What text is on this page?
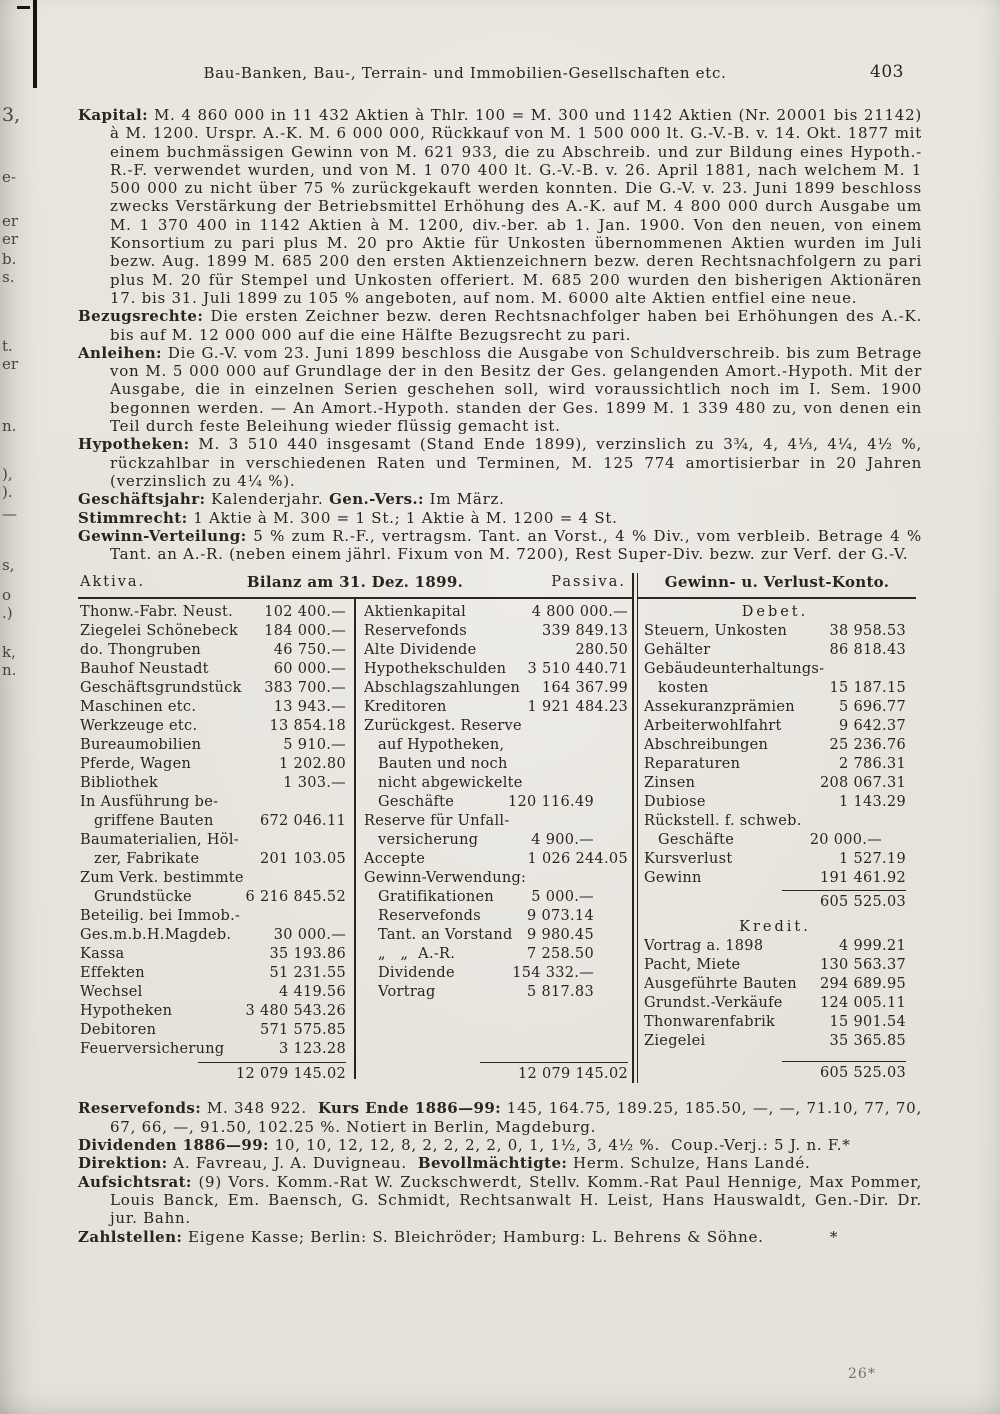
3,
e-
er
er
b.
s.
t.
er
n.
),
).
—
s,
o
.)
k,
n.
Bau-Banken, Bau-, Terrain- und Immobilien-Gesellschaften etc.	403

Kapital: M. 4 860 000 in 11 432 Aktien à Thlr. 100 = M. 300 und 1142 Aktien (Nr. 20001 bis 21142) à M. 1200. Urspr. A.-K. M. 6 000 000, Rückkauf von M. 1 500 000 lt. G.-V.-B. v. 14. Okt. 1877 mit einem buchmässigen Gewinn von M. 621 933, die zu Abschreib. und zur Bildung eines Hypoth.-R.-F. verwendet wurden, und von M. 1 070 400 lt. G.-V.-B. v. 26. April 1881, nach welchem M. 1 500 000 zu nicht über 75 % zurückgekauft werden konnten. Die G.-V. v. 23. Juni 1899 beschloss zwecks Verstärkung der Betriebsmittel Erhöhung des A.-K. auf M. 4 800 000 durch Ausgabe um M. 1 370 400 in 1142 Aktien à M. 1200, div.-ber. ab 1. Jan. 1900. Von den neuen, von einem Konsortium zu pari plus M. 20 pro Aktie für Unkosten übernommenen Aktien wurden im Juli bezw. Aug. 1899 M. 685 200 den ersten Aktienzeichnern bezw. deren Rechtsnachfolgern zu pari plus M. 20 für Stempel und Unkosten offeriert. M. 685 200 wurden den bisherigen Aktionären 17. bis 31. Juli 1899 zu 105 % angeboten, auf nom. M. 6000 alte Aktien entfiel eine neue.

Bezugsrechte: Die ersten Zeichner bezw. deren Rechtsnachfolger haben bei Erhöhungen des A.-K. bis auf M. 12 000 000 auf die eine Hälfte Bezugsrecht zu pari.

Anleihen: Die G.-V. vom 23. Juni 1899 beschloss die Ausgabe von Schuldverschreib. bis zum Betrage von M. 5 000 000 auf Grundlage der in den Besitz der Ges. gelangenden Amort.-Hypoth. Mit der Ausgabe, die in einzelnen Serien geschehen soll, wird voraussichtlich noch im I. Sem. 1900 begonnen werden. — An Amort.-Hypoth. standen der Ges. 1899 M. 1 339 480 zu, von denen ein Teil durch feste Beleihung wieder flüssig gemacht ist.

Hypotheken: M. 3 510 440 insgesamt (Stand Ende 1899), verzinslich zu 3¾, 4, 4⅓, 4¼, 4½ %, rückzahlbar in verschiedenen Raten und Terminen, M. 125 774 amortisierbar in 20 Jahren (verzinslich zu 4¼ %).

Geschäftsjahr: Kalenderjahr. Gen.-Vers.: Im März.

Stimmrecht: 1 Aktie à M. 300 = 1 St.; 1 Aktie à M. 1200 = 4 St.

Gewinn-Verteilung: 5 % zum R.-F., vertragsm. Tant. an Vorst., 4 % Div., vom verbleib. Betrage 4 % Tant. an A.-R. (neben einem jährl. Fixum von M. 7200), Rest Super-Div. bezw. zur Verf. der G.-V.

Aktiva.	Bilanz am 31. Dez. 1899.	Passiva.	Gewinn- u. Verlust-Konto.
Thonw.-Fabr. Neust. 102 400.—
Ziegelei Schönebeck 184 000.—
do. Thongruben	46 750.—
Bauhof Neustadt	60 000.—
Geschäftsgrundstück 383 700.—
Maschinen etc.	13 943.—
Werkzeuge etc.	13 854.18
Bureaumobilien	5 910.—
Pferde, Wagen	1 202.80
Bibliothek	1 303.—
In Ausführung be-
griffene Bauten	672 046.11
Baumaterialien, Höl-
zer, Fabrikate	201 103.05
Zum Verk. bestimmte
Grundstücke	6 216 845.52
Beteilig. bei Immob.-
Ges.m.b.H.Magdeb.	30 000.—
Kassa	35 193.86
Effekten	51 231.55
Wechsel	4 419.56
Hypotheken	3 480 543.26
Debitoren	571 575.85
Feuerversicherung	3 123.28
12 079 145.02
Aktienkapital	4 800 000.—
Reservefonds	339 849.13
Alte Dividende	280.50
Hypothekschulden 3 510 440.71
Abschlagszahlungen 164 367.99
Kreditoren	1 921 484.23
Zurückgest. Reserve
auf Hypotheken,
Bauten und noch
nicht abgewickelte
Geschäfte	120 116.49
Reserve für Unfall-
versicherung	4 900.—
Accepte	1 026 244.05
Gewinn-Verwendung:
Gratifikationen	5 000.—
Reservefonds	9 073.14
Tant. an Vorstand 9 980.45
„   „  A.-R.	7 258.50
Dividende	154 332.—
Vortrag	5 817.83
12 079 145.02
Debet.
Steuern, Unkosten	38 958.53
Gehälter	86 818.43
Gebäudeunterhaltungs-
kosten	15 187.15
Assekuranzprämien	5 696.77
Arbeiterwohlfahrt	9 642.37
Abschreibungen	25 236.76
Reparaturen	2 786.31
Zinsen	208 067.31
Dubiose	1 143.29
Rückstell. f. schweb.
Geschäfte	20 000.—
Kursverlust	1 527.19
Gewinn	191 461.92
605 525.03
Kredit.
Vortrag a. 1898	4 999.21
Pacht, Miete	130 563.37
Ausgeführte Bauten 294 689.95
Grundst.-Verkäufe	124 005.11
Thonwarenfabrik	15 901.54
Ziegelei	35 365.85
605 525.03

Reservefonds: M. 348 922.  Kurs Ende 1886—99: 145, 164.75, 189.25, 185.50, —, —, 71.10, 77, 70, 67, 66, —, 91.50, 102.25 %. Notiert in Berlin, Magdeburg.

Dividenden 1886—99: 10, 10, 12, 12, 8, 2, 2, 2, 2, 0, 1, 1½, 3, 4½ %.  Coup.-Verj.: 5 J. n. F.*

Direktion: A. Favreau, J. A. Duvigneau.  Bevollmächtigte: Herm. Schulze, Hans Landé.

Aufsichtsrat: (9) Vors. Komm.-Rat W. Zuckschwerdt, Stellv. Komm.-Rat Paul Hennige, Max Pommer, Louis Banck, Em. Baensch, G. Schmidt, Rechtsanwalt H. Leist, Hans Hauswaldt, Gen.-Dir. Dr. jur. Bahn.

Zahlstellen: Eigene Kasse; Berlin: S. Bleichröder; Hamburg: L. Behrens & Söhne.            *

26*
